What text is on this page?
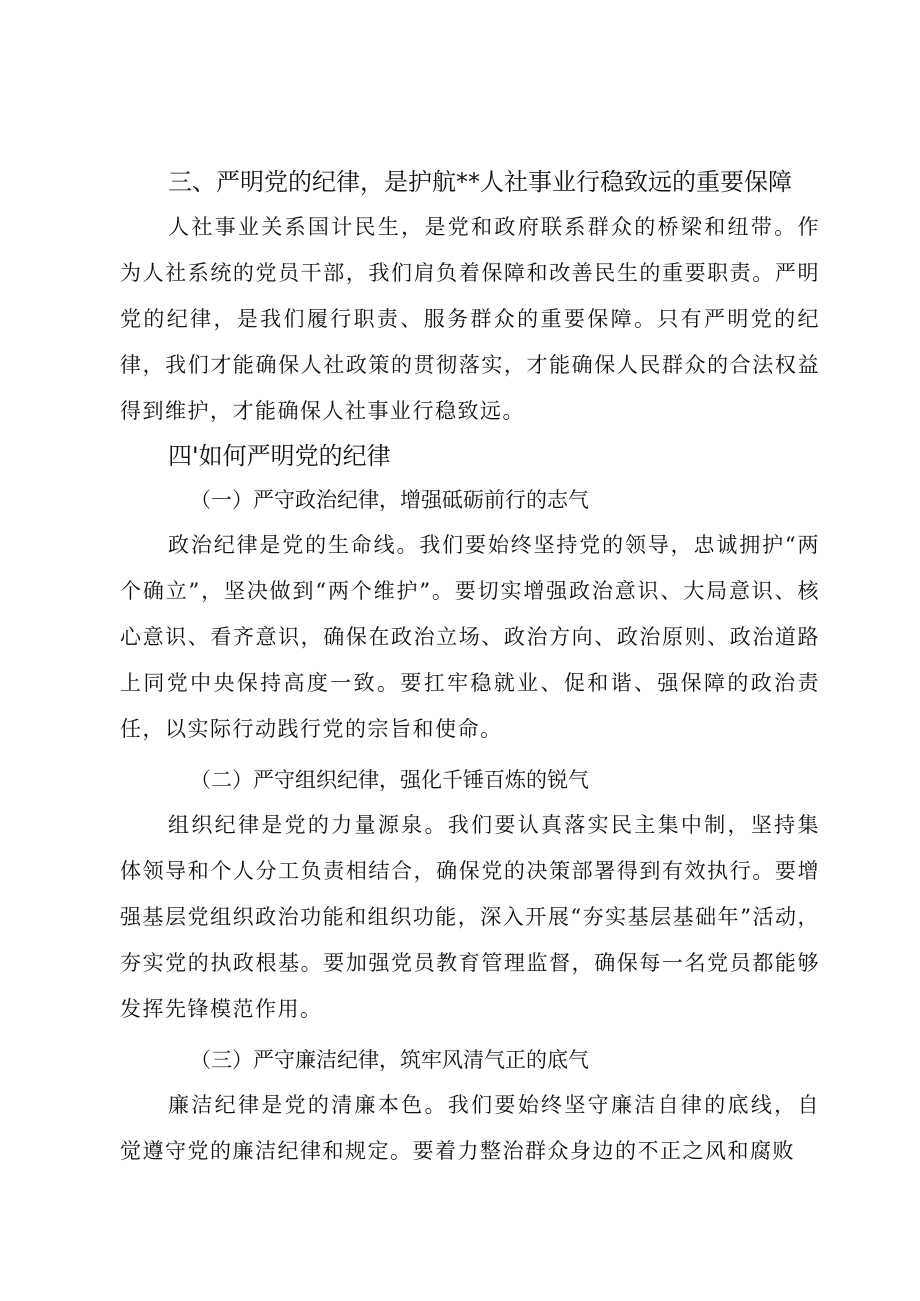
三、严明党的纪律，是护航**人社事业行稳致远的重要保障

人社事业关系国计民生，是党和政府联系群众的桥梁和纽带。作为人社系统的党员干部，我们肩负着保障和改善民生的重要职责。严明党的纪律，是我们履行职责、服务群众的重要保障。只有严明党的纪律，我们才能确保人社政策的贯彻落实，才能确保人民群众的合法权益得到维护，才能确保人社事业行稳致远。

四'如何严明党的纪律

（一）严守政治纪律，增强砥砺前行的志气

政治纪律是党的生命线。我们要始终坚持党的领导，忠诚拥护“两个确立”，坚决做到“两个维护”。要切实增强政治意识、大局意识、核心意识、看齐意识，确保在政治立场、政治方向、政治原则、政治道路上同党中央保持高度一致。要扛牢稳就业、促和谐、强保障的政治责任，以实际行动践行党的宗旨和使命。

（二）严守组织纪律，强化千锤百炼的锐气

组织纪律是党的力量源泉。我们要认真落实民主集中制，坚持集体领导和个人分工负责相结合，确保党的决策部署得到有效执行。要增强基层党组织政治功能和组织功能，深入开展“夯实基层基础年”活动，夯实党的执政根基。要加强党员教育管理监督，确保每一名党员都能够发挥先锋模范作用。

（三）严守廉洁纪律，筑牢风清气正的底气

廉洁纪律是党的清廉本色。我们要始终坚守廉洁自律的底线，自觉遵守党的廉洁纪律和规定。要着力整治群众身边的不正之风和腐败
